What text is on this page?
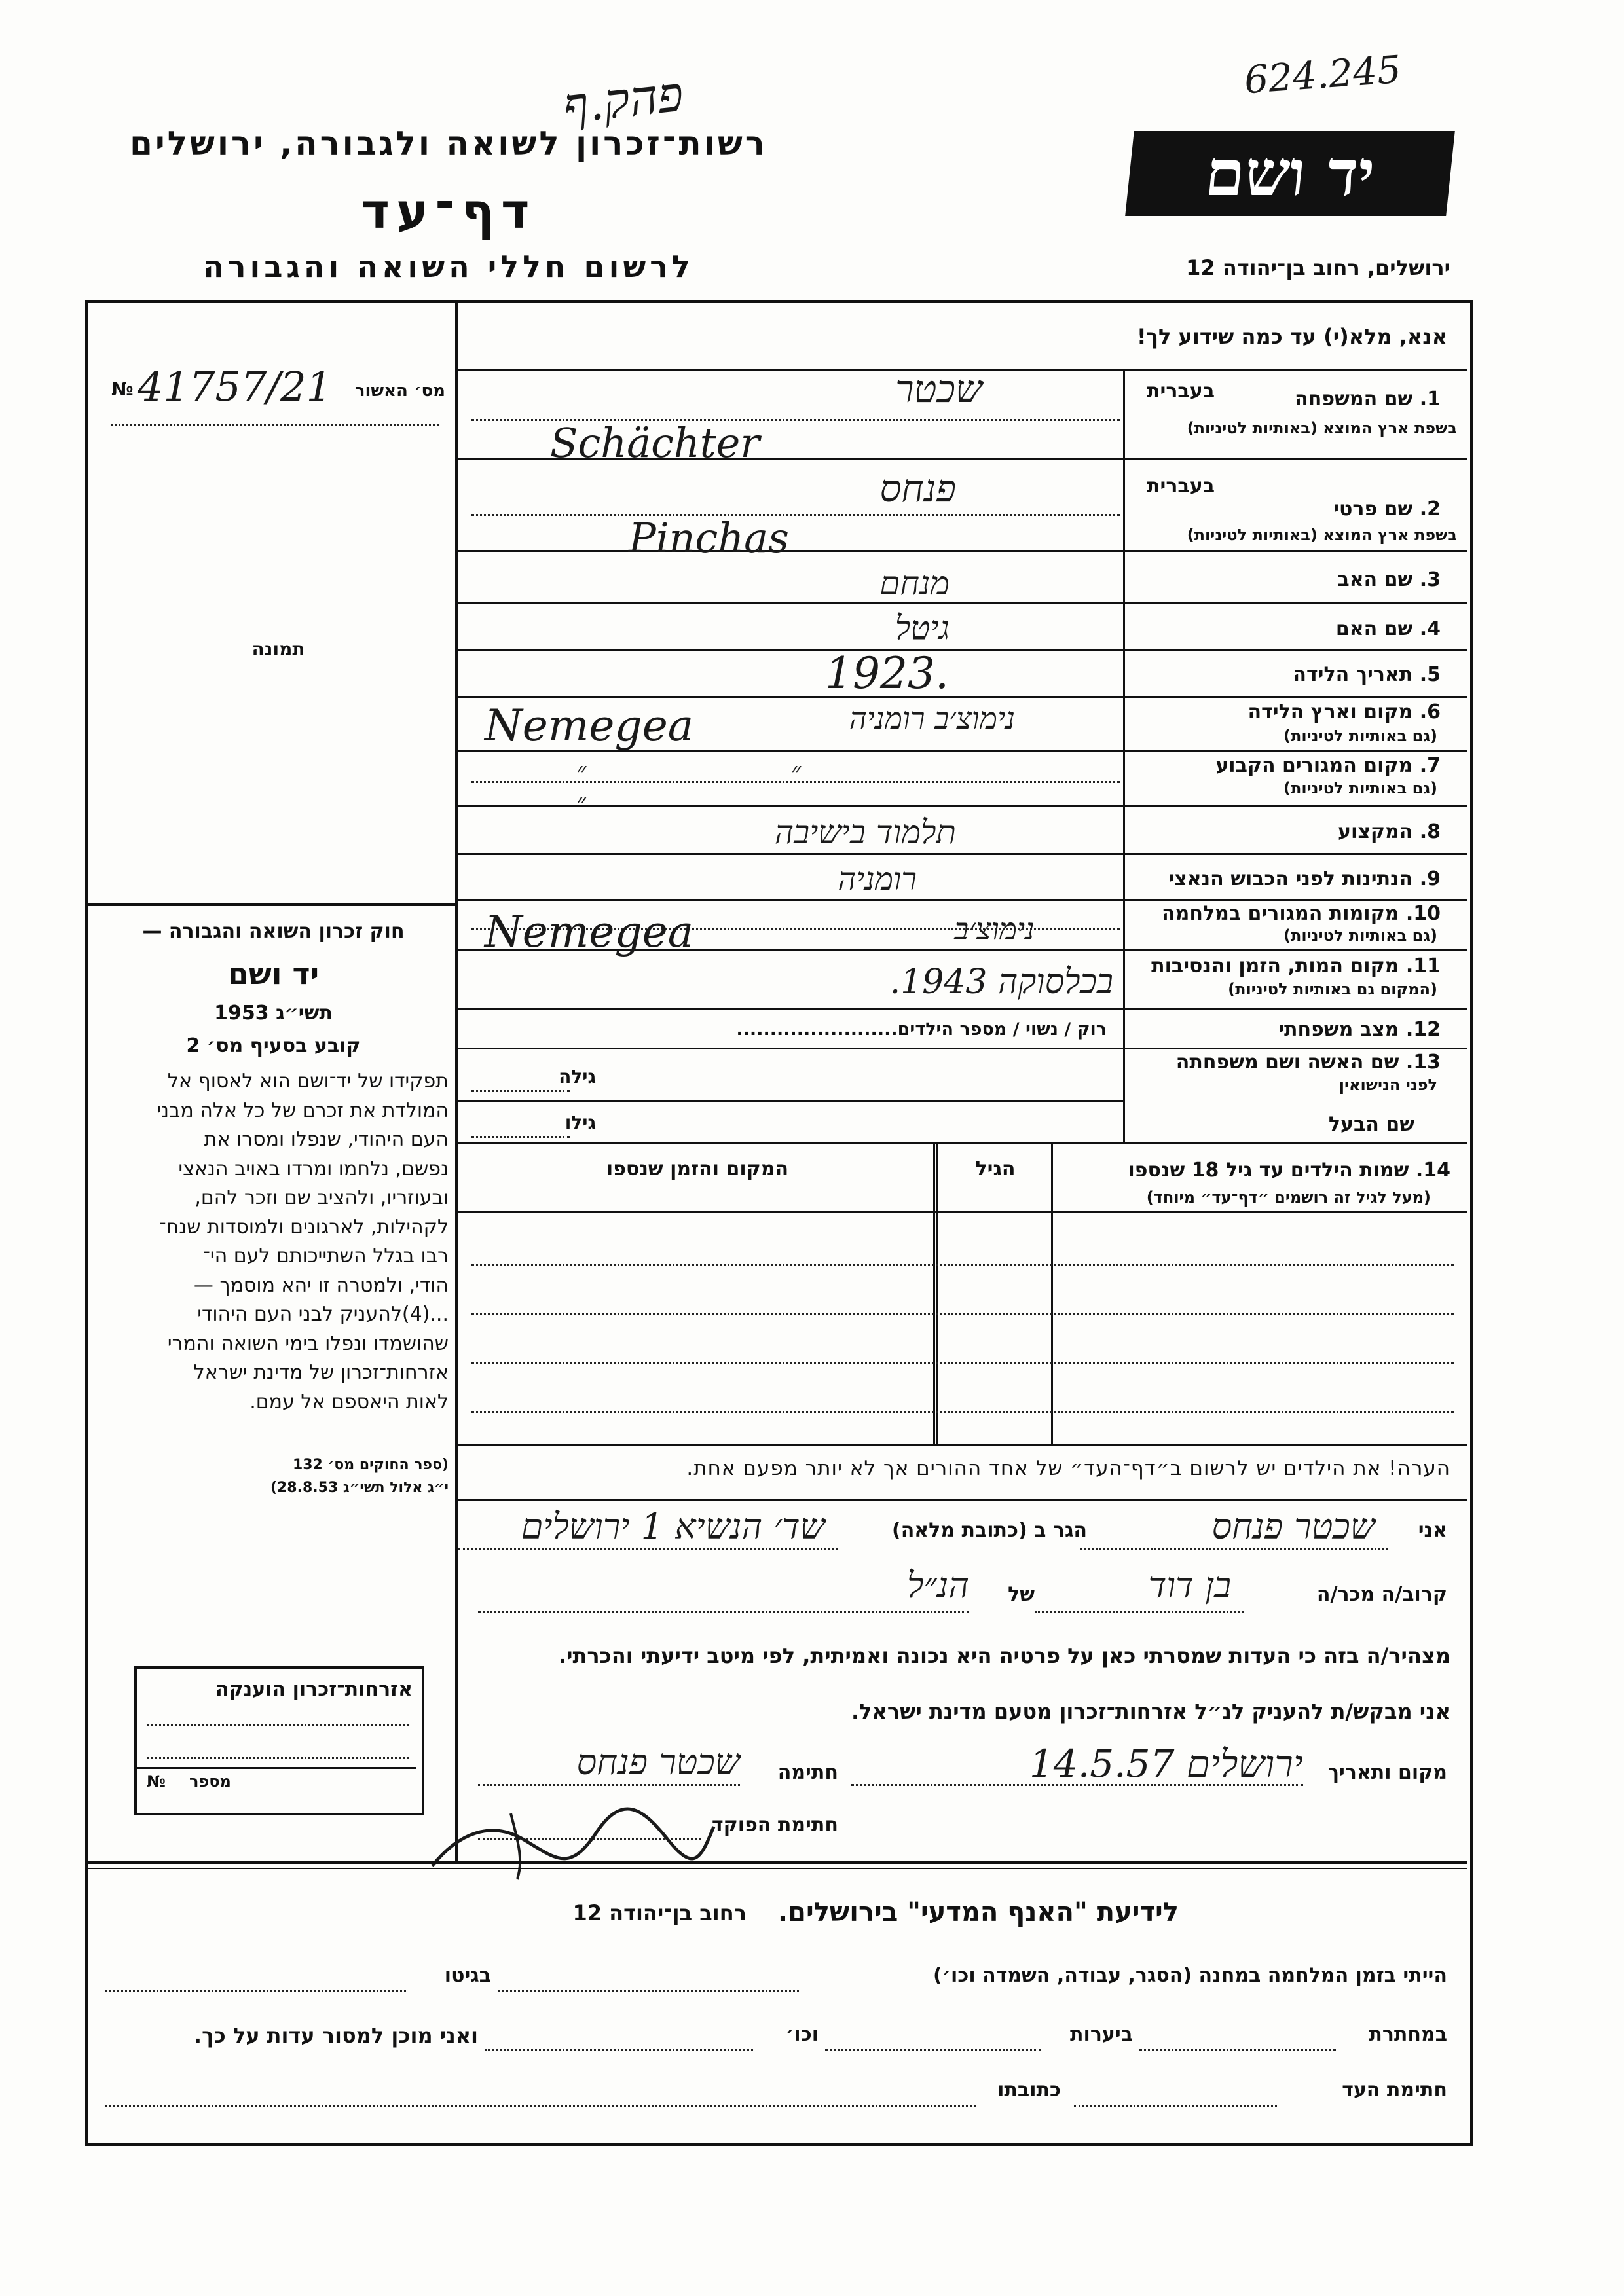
פהק.ף	624.245
רשות־זכרון לשואה ולגבורה, ירושלים
דף־עד
לרשום חללי השואה והגבורה
יד ושם
ירושלים, רחוב בן־יהודה 12
אנא, מלא(י) עד כמה שידוע לך!
№ 41757/21 מס׳ האשור
תמונה
חוק זכרון השואה והגבורה —
יד ושם
תשי״ג 1953
קובע בסעיף מס׳ 2
תפקידו של יד־ושם הוא לאסוף אל
המולדת את זכרם של כל אלה מבני
העם היהודי, שנפלו ומסרו את
נפשם, נלחמו ומרדו באויב הנאצי
ובעוזריו, ולהציב שם וזכר להם,
לקהילות, לארגונים ולמוסדות שנח־
רבו בגלל השתייכותם לעם הי־
הודי, ולמטרה זו יהא מוסמך —
...(4)להעניק לבני העם היהודי
שהושמדו ונפלו בימי השואה והמרי
אזרחות־זכרון של מדינת ישראל
לאות היאספם אל עמם.
(ספר החוקים מס׳ 132
י״ג אלול תשי״ג 28.8.53)
אזרחות־זכרון הוענקה
№ מספר
1. שם המשפחה
בשפת ארץ המוצא (באותיות לטיניות)
בעברית
שכטר
Schächter
2. שם פרטי
בשפת ארץ המוצא (באותיות לטיניות)
בעברית
פנחס
Pinchas
3. שם האב
מנחם
4. שם האם
גיטל
5. תאריך הלידה
1923.
6. מקום וארץ הלידה
(גם באותיות לטיניות)
נימוצ׳ב רומניה
Nemegea
7. מקום המגורים הקבוע
(גם באותיות לטיניות)
״ ״ ״
8. המקצוע
תלמוד בישיבה
9. הנתינות לפני הכבוש הנאצי
רומניה
10. מקומות המגורים במלחמה
(גם באותיות לטיניות)
נימוצ׳ב
Nemegea
11. מקום המות, הזמן והנסיבות
(המקום גם באותיות לטיניות)
בכלסוקה 1943.
12. מצב משפחתי
רוק / נשוי / מספר הילדים........................
13. שם האשה ושם משפחתה
לפני הנישואין
גילה
שם הבעל
גילו
14. שמות הילדים עד גיל 18 שנספו
(מעל לגיל זה רושמים ״דף־עד״ מיוחד)
הגיל
המקום והזמן שנספו
הערה! את הילדים יש לרשום ב״דף־העד״ של אחד ההורים אך לא יותר מפעם אחת.
אני
שכטר פנחס
הגר ב (כתובת מלאה)
שד׳ הנשיא 1 ירושלים
קרוב/ה מכר/ה
בן דוד
של
הנ״ל
מצהיר/ה בזה כי העדות שמסרתי כאן על פרטיה היא נכונה ואמיתית, לפי מיטב ידיעתי והכרתי.
אני מבקש/ת להעניק לנ״ל אזרחות־זכרון מטעם מדינת ישראל.
מקום ותאריך
ירושלים 14.5.57
חתימה
שכטר פנחס
חתימת הפוקד
לידיעת "האנף המדעי" בירושלים.
רחוב בן־יהודה 12
הייתי בזמן המלחמה במחנה (הסגר, עבודה, השמדה וכו׳)
בגיטו
במחתרת
ביערות
וכו׳
ואני מוכן למסור עדות על כך.
חתימת העד
כתובתו
